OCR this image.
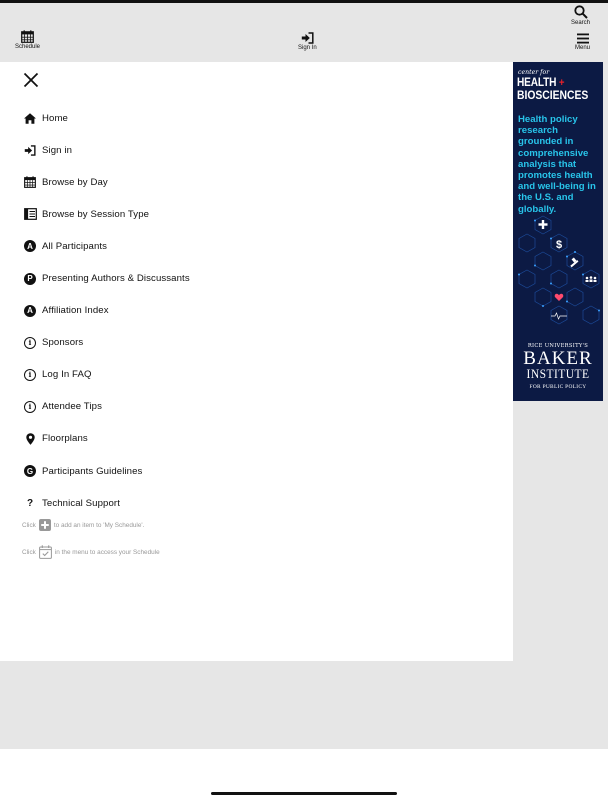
Schedule	Sign In
Search
Menu
Home
Sign in
Browse by Day
Browse by Session Type
A All Participants
P Presenting Authors & Discussants
A Affiliation Index
i	Sponsors
i	Log In FAQ
i	Attendee Tips
Floorplans
G Participants Guidelines
? Technical Support
Click	to add an item to 'My Schedule'.
Click	in the menu to access your Schedule
center for
HEALTH +
BIOSCIENCES
Health policy research grounded in comprehensive analysis that promotes health and well-being in the U.S. and globally.
$
RICE UNIVERSITY'S
BAKER
INSTITUTE
FOR PUBLIC POLICY
